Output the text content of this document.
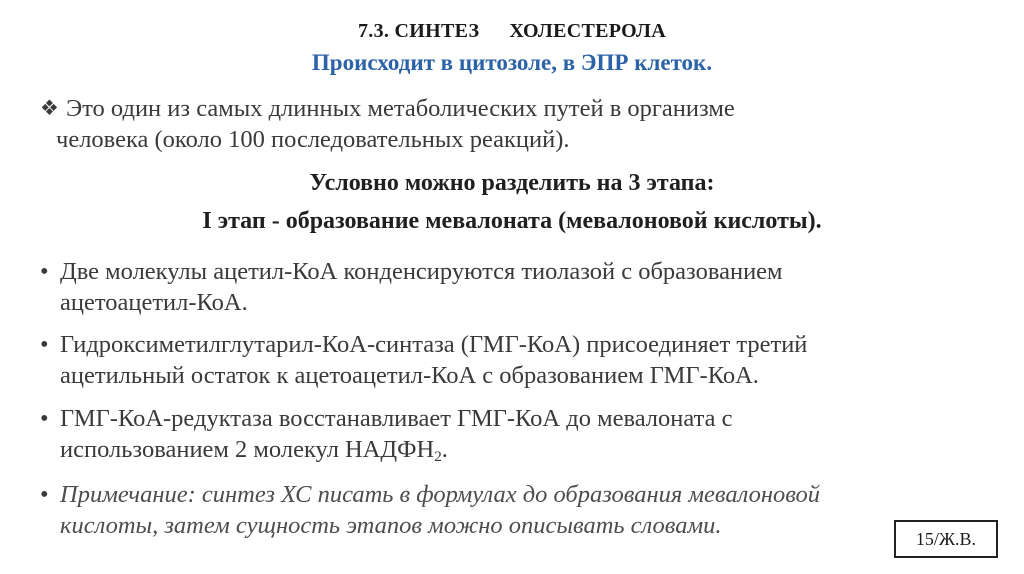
7.3. СИНТЕЗ ХОЛЕСТЕРОЛА
Происходит в цитозоле, в ЭПР клеток.
❖ Это один из самых длинных метаболических путей в организме
человека (около 100 последовательных реакций).
Условно можно разделить на 3 этапа:
I этап - образование мевалоната (мевалоновой кислоты).
• Две молекулы ацетил-КоА конденсируются тиолазой с образованием
ацетоацетил-КоА.
• Гидроксиметилглутарил-КоА-синтаза (ГМГ-КоА) присоединяет третий
ацетильный остаток к ацетоацетил-КоА с образованием ГМГ-КоА.
• ГМГ-КоА-редуктаза восстанавливает ГМГ-КоА до мевалоната с
использованием 2 молекул $НАДФН_2$.
• Примечание: синтез ХС писать в формулах до образования мевалоновой
кислоты, затем сущность этапов можно описывать словами.	15/Ж.В.
